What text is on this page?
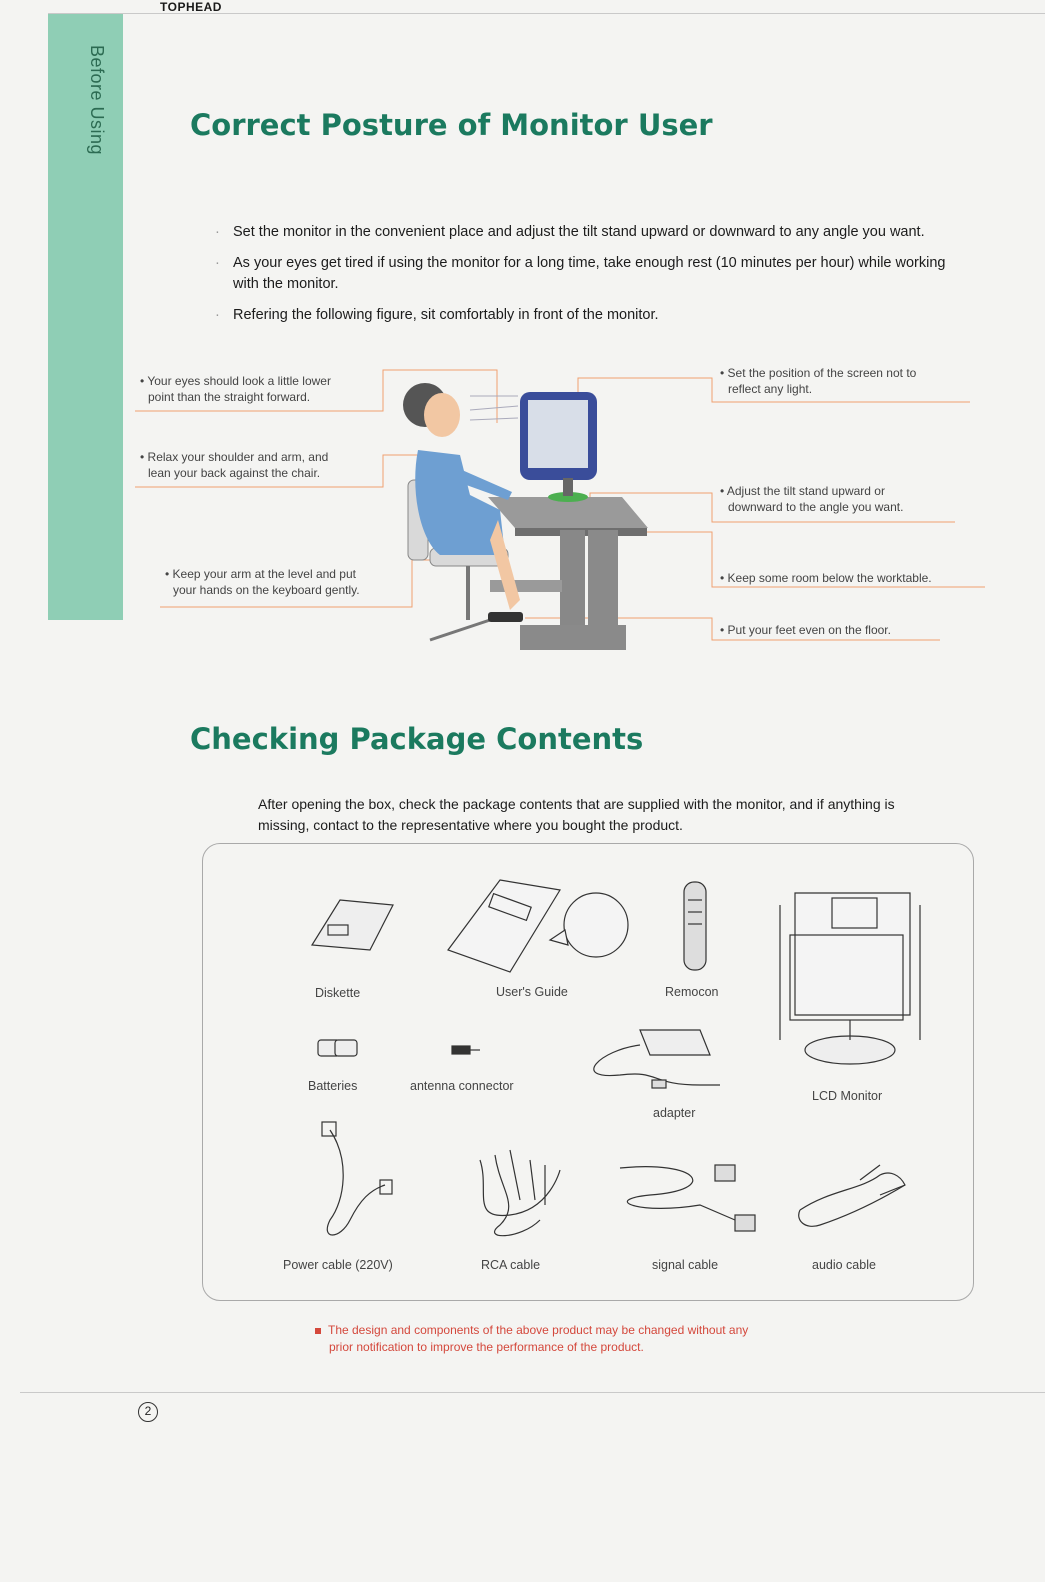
TOPHEAD
Before Using	Correct Posture of Monitor User
· Set the monitor in the convenient place and adjust the tilt stand upward or downward to any angle you want.
· As your eyes get tired if using the monitor for a long time, take enough rest (10 minutes per hour) while working with the monitor.
· Refering the following figure, sit comfortably in front of the monitor.
• Your eyes should look a little lower
point than the straight forward.
• Relax your shoulder and arm, and
lean your back against the chair.
• Keep your arm at the level and put
your hands on the keyboard gently.
• Set the position of the screen not to
reflect any light.
• Adjust the tilt stand upward or
downward to the angle you want.
• Keep some room below the worktable.
• Put your feet even on the floor.
Checking Package Contents
After opening the box, check the package contents that are supplied with the monitor, and if anything is missing, contact to the representative where you bought the product.
Diskette	User's Guide	Remocon
Batteries	antenna connector
adapter
LCD Monitor
Power cable (220V)	RCA cable	signal cable	audio cable
The design and components of the above product may be changed without any
prior notification to improve the performance of the product.
2
